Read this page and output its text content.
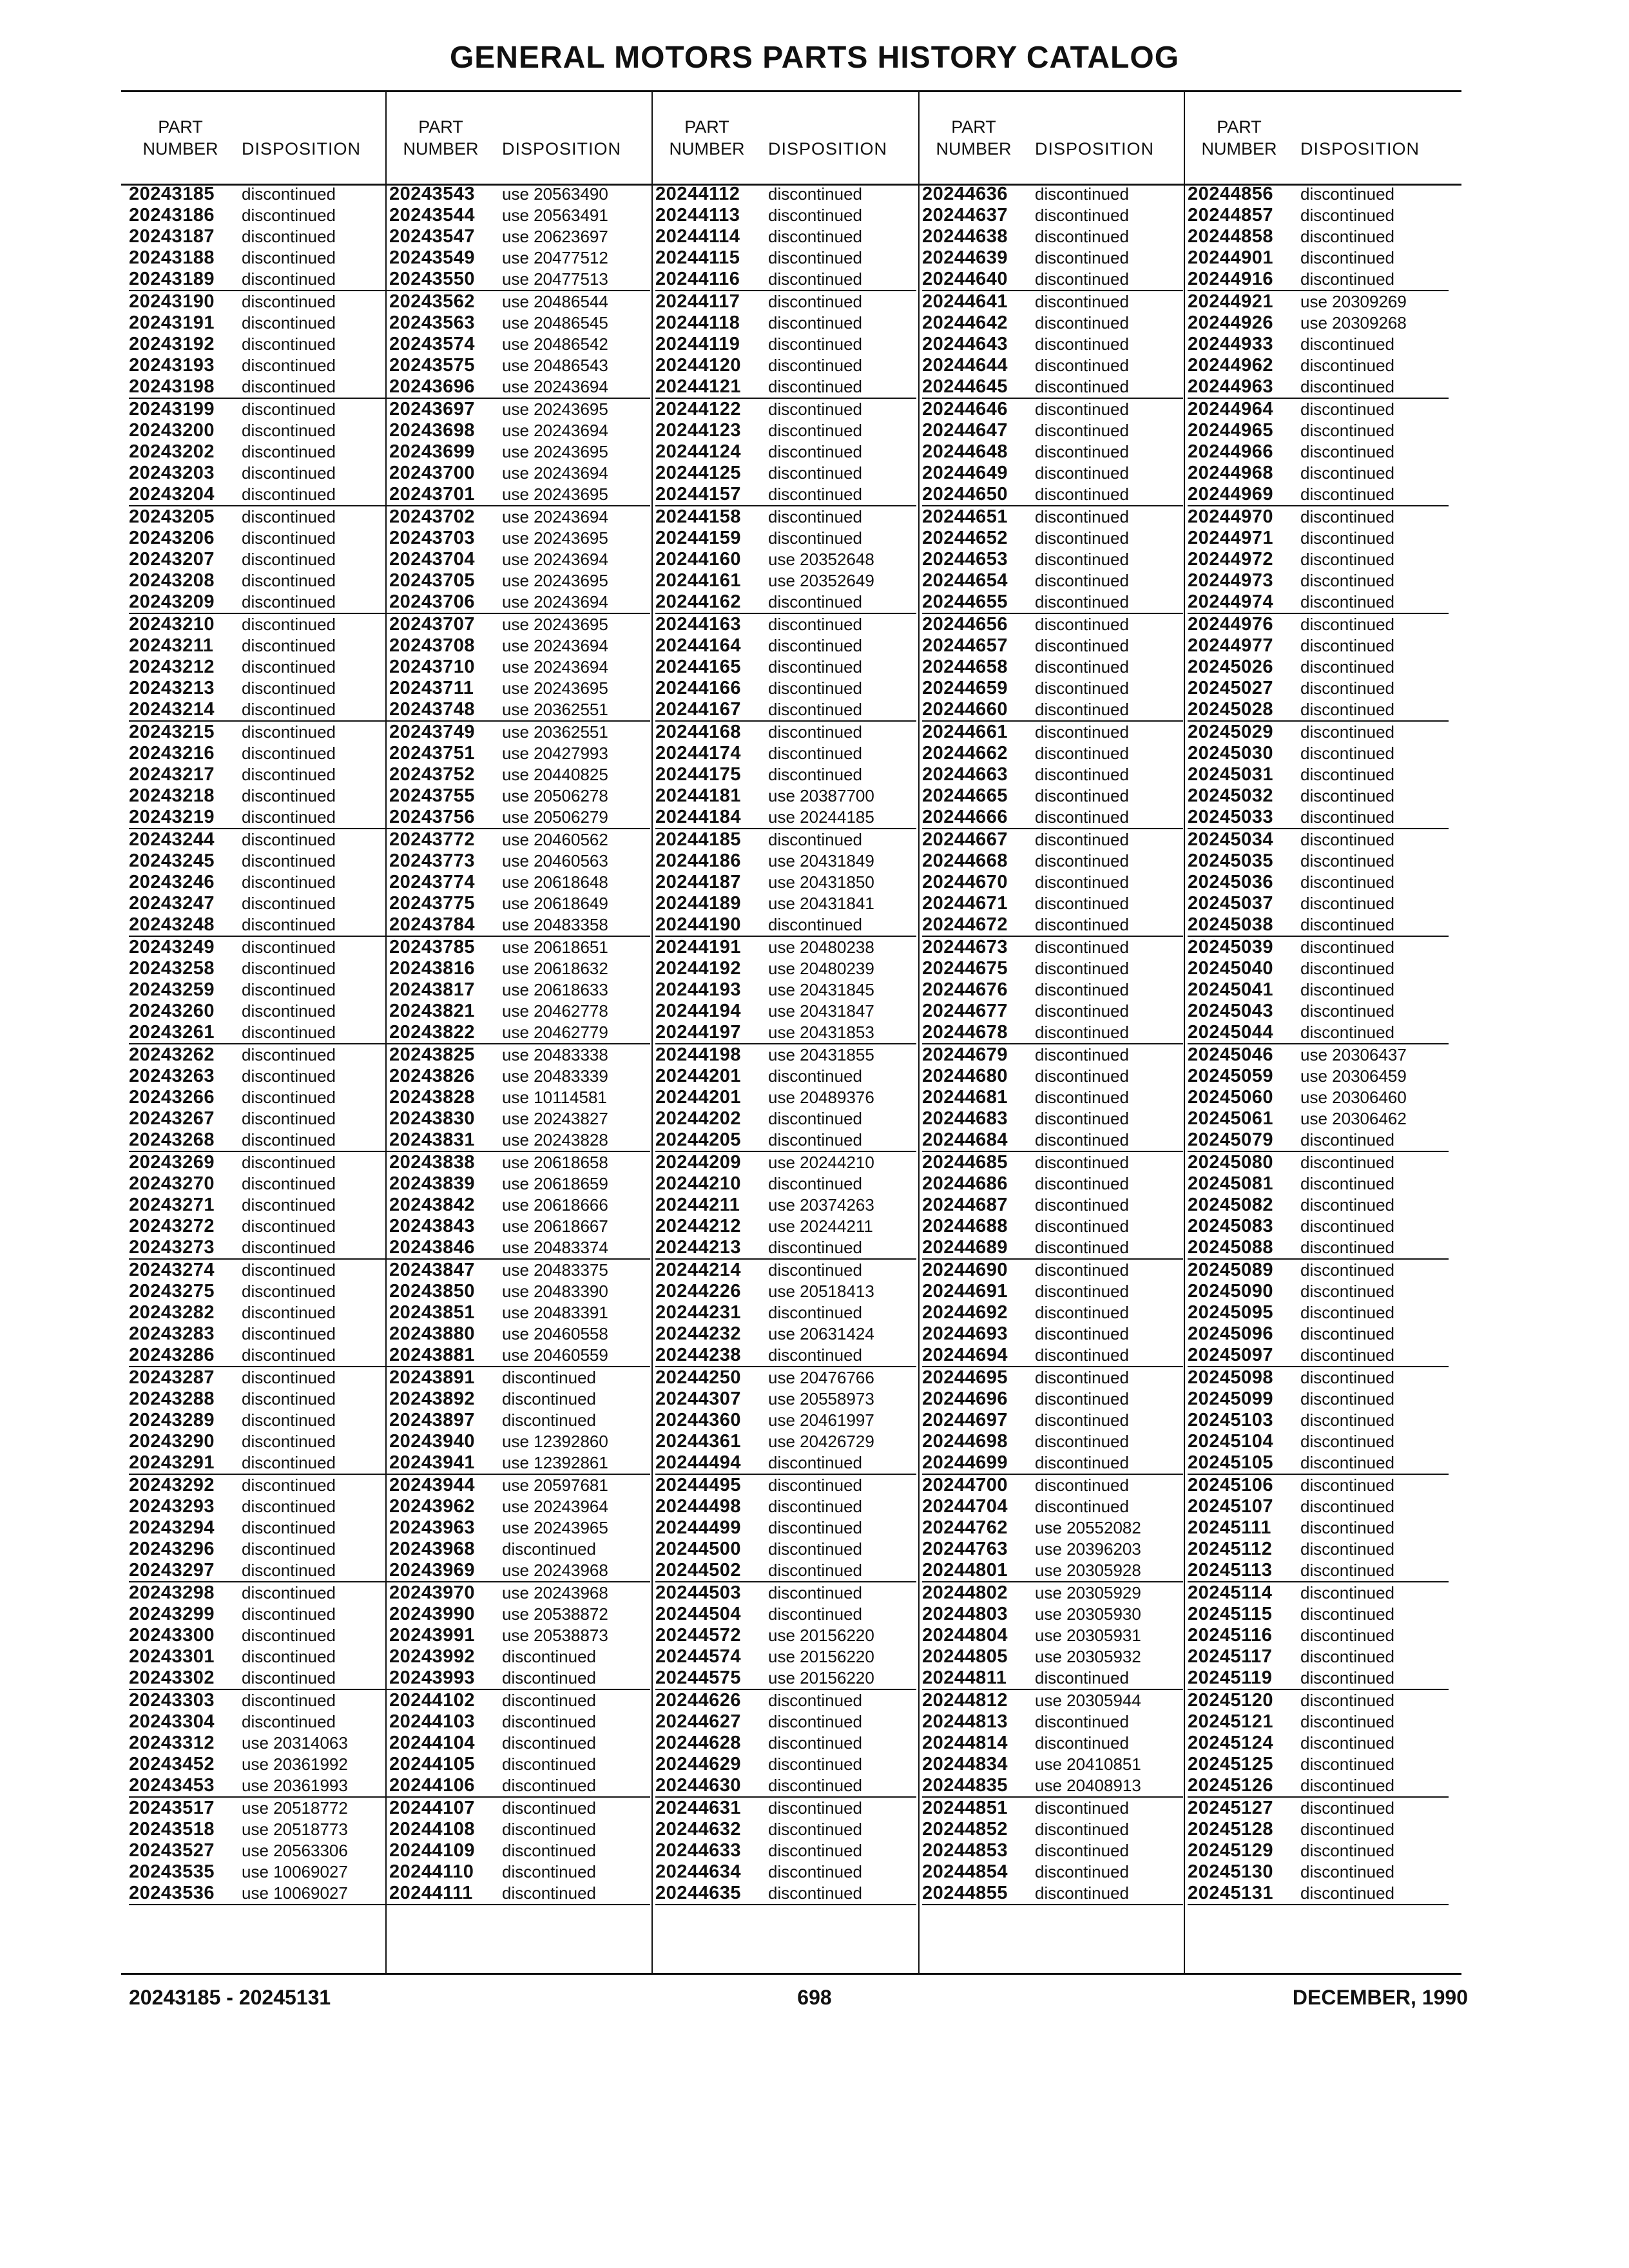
GENERAL MOTORS PARTS HISTORY CATALOG
PART
NUMBER	DISPOSITION
20243185 discontinued
20243186 discontinued
20243187 discontinued
20243188 discontinued
20243189 discontinued
20243190 discontinued
20243191 discontinued
20243192 discontinued
20243193 discontinued
20243198 discontinued
20243199 discontinued
20243200 discontinued
20243202 discontinued
20243203 discontinued
20243204 discontinued
20243205 discontinued
20243206 discontinued
20243207 discontinued
20243208 discontinued
20243209 discontinued
20243210 discontinued
20243211 discontinued
20243212 discontinued
20243213 discontinued
20243214 discontinued
20243215 discontinued
20243216 discontinued
20243217 discontinued
20243218 discontinued
20243219 discontinued
20243244 discontinued
20243245 discontinued
20243246 discontinued
20243247 discontinued
20243248 discontinued
20243249 discontinued
20243258 discontinued
20243259 discontinued
20243260 discontinued
20243261 discontinued
20243262 discontinued
20243263 discontinued
20243266 discontinued
20243267 discontinued
20243268 discontinued
20243269 discontinued
20243270 discontinued
20243271 discontinued
20243272 discontinued
20243273 discontinued
20243274 discontinued
20243275 discontinued
20243282 discontinued
20243283 discontinued
20243286 discontinued
20243287 discontinued
20243288 discontinued
20243289 discontinued
20243290 discontinued
20243291 discontinued
20243292 discontinued
20243293 discontinued
20243294 discontinued
20243296 discontinued
20243297 discontinued
20243298 discontinued
20243299 discontinued
20243300 discontinued
20243301 discontinued
20243302 discontinued
20243303 discontinued
20243304 discontinued
20243312 use 20314063
20243452 use 20361992
20243453 use 20361993
20243517 use 20518772
20243518 use 20518773
20243527 use 20563306
20243535 use 10069027
20243536 use 10069027
PART
NUMBER	DISPOSITION
20243543 use 20563490
20243544 use 20563491
20243547 use 20623697
20243549 use 20477512
20243550 use 20477513
20243562 use 20486544
20243563 use 20486545
20243574 use 20486542
20243575 use 20486543
20243696 use 20243694
20243697 use 20243695
20243698 use 20243694
20243699 use 20243695
20243700 use 20243694
20243701 use 20243695
20243702 use 20243694
20243703 use 20243695
20243704 use 20243694
20243705 use 20243695
20243706 use 20243694
20243707 use 20243695
20243708 use 20243694
20243710 use 20243694
20243711 use 20243695
20243748 use 20362551
20243749 use 20362551
20243751 use 20427993
20243752 use 20440825
20243755 use 20506278
20243756 use 20506279
20243772 use 20460562
20243773 use 20460563
20243774 use 20618648
20243775 use 20618649
20243784 use 20483358
20243785 use 20618651
20243816 use 20618632
20243817 use 20618633
20243821 use 20462778
20243822 use 20462779
20243825 use 20483338
20243826 use 20483339
20243828 use 10114581
20243830 use 20243827
20243831 use 20243828
20243838 use 20618658
20243839 use 20618659
20243842 use 20618666
20243843 use 20618667
20243846 use 20483374
20243847 use 20483375
20243850 use 20483390
20243851 use 20483391
20243880 use 20460558
20243881 use 20460559
20243891 discontinued
20243892 discontinued
20243897 discontinued
20243940 use 12392860
20243941 use 12392861
20243944 use 20597681
20243962 use 20243964
20243963 use 20243965
20243968 discontinued
20243969 use 20243968
20243970 use 20243968
20243990 use 20538872
20243991 use 20538873
20243992 discontinued
20243993 discontinued
20244102 discontinued
20244103 discontinued
20244104 discontinued
20244105 discontinued
20244106 discontinued
20244107 discontinued
20244108 discontinued
20244109 discontinued
20244110 discontinued
20244111 discontinued
PART
NUMBER	DISPOSITION
20244112 discontinued
20244113 discontinued
20244114 discontinued
20244115 discontinued
20244116 discontinued
20244117 discontinued
20244118 discontinued
20244119 discontinued
20244120 discontinued
20244121 discontinued
20244122 discontinued
20244123 discontinued
20244124 discontinued
20244125 discontinued
20244157 discontinued
20244158 discontinued
20244159 discontinued
20244160 use 20352648
20244161 use 20352649
20244162 discontinued
20244163 discontinued
20244164 discontinued
20244165 discontinued
20244166 discontinued
20244167 discontinued
20244168 discontinued
20244174 discontinued
20244175 discontinued
20244181 use 20387700
20244184 use 20244185
20244185 discontinued
20244186 use 20431849
20244187 use 20431850
20244189 use 20431841
20244190 discontinued
20244191 use 20480238
20244192 use 20480239
20244193 use 20431845
20244194 use 20431847
20244197 use 20431853
20244198 use 20431855
20244201 discontinued
20244201 use 20489376
20244202 discontinued
20244205 discontinued
20244209 use 20244210
20244210 discontinued
20244211 use 20374263
20244212 use 20244211
20244213 discontinued
20244214 discontinued
20244226 use 20518413
20244231 discontinued
20244232 use 20631424
20244238 discontinued
20244250 use 20476766
20244307 use 20558973
20244360 use 20461997
20244361 use 20426729
20244494 discontinued
20244495 discontinued
20244498 discontinued
20244499 discontinued
20244500 discontinued
20244502 discontinued
20244503 discontinued
20244504 discontinued
20244572 use 20156220
20244574 use 20156220
20244575 use 20156220
20244626 discontinued
20244627 discontinued
20244628 discontinued
20244629 discontinued
20244630 discontinued
20244631 discontinued
20244632 discontinued
20244633 discontinued
20244634 discontinued
20244635 discontinued
PART
NUMBER	DISPOSITION
20244636 discontinued
20244637 discontinued
20244638 discontinued
20244639 discontinued
20244640 discontinued
20244641 discontinued
20244642 discontinued
20244643 discontinued
20244644 discontinued
20244645 discontinued
20244646 discontinued
20244647 discontinued
20244648 discontinued
20244649 discontinued
20244650 discontinued
20244651 discontinued
20244652 discontinued
20244653 discontinued
20244654 discontinued
20244655 discontinued
20244656 discontinued
20244657 discontinued
20244658 discontinued
20244659 discontinued
20244660 discontinued
20244661 discontinued
20244662 discontinued
20244663 discontinued
20244665 discontinued
20244666 discontinued
20244667 discontinued
20244668 discontinued
20244670 discontinued
20244671 discontinued
20244672 discontinued
20244673 discontinued
20244675 discontinued
20244676 discontinued
20244677 discontinued
20244678 discontinued
20244679 discontinued
20244680 discontinued
20244681 discontinued
20244683 discontinued
20244684 discontinued
20244685 discontinued
20244686 discontinued
20244687 discontinued
20244688 discontinued
20244689 discontinued
20244690 discontinued
20244691 discontinued
20244692 discontinued
20244693 discontinued
20244694 discontinued
20244695 discontinued
20244696 discontinued
20244697 discontinued
20244698 discontinued
20244699 discontinued
20244700 discontinued
20244704 discontinued
20244762 use 20552082
20244763 use 20396203
20244801 use 20305928
20244802 use 20305929
20244803 use 20305930
20244804 use 20305931
20244805 use 20305932
20244811 discontinued
20244812 use 20305944
20244813 discontinued
20244814 discontinued
20244834 use 20410851
20244835 use 20408913
20244851 discontinued
20244852 discontinued
20244853 discontinued
20244854 discontinued
20244855 discontinued
PART
NUMBER	DISPOSITION
20244856 discontinued
20244857 discontinued
20244858 discontinued
20244901 discontinued
20244916 discontinued
20244921 use 20309269
20244926 use 20309268
20244933 discontinued
20244962 discontinued
20244963 discontinued
20244964 discontinued
20244965 discontinued
20244966 discontinued
20244968 discontinued
20244969 discontinued
20244970 discontinued
20244971 discontinued
20244972 discontinued
20244973 discontinued
20244974 discontinued
20244976 discontinued
20244977 discontinued
20245026 discontinued
20245027 discontinued
20245028 discontinued
20245029 discontinued
20245030 discontinued
20245031 discontinued
20245032 discontinued
20245033 discontinued
20245034 discontinued
20245035 discontinued
20245036 discontinued
20245037 discontinued
20245038 discontinued
20245039 discontinued
20245040 discontinued
20245041 discontinued
20245043 discontinued
20245044 discontinued
20245046 use 20306437
20245059 use 20306459
20245060 use 20306460
20245061 use 20306462
20245079 discontinued
20245080 discontinued
20245081 discontinued
20245082 discontinued
20245083 discontinued
20245088 discontinued
20245089 discontinued
20245090 discontinued
20245095 discontinued
20245096 discontinued
20245097 discontinued
20245098 discontinued
20245099 discontinued
20245103 discontinued
20245104 discontinued
20245105 discontinued
20245106 discontinued
20245107 discontinued
20245111 discontinued
20245112 discontinued
20245113 discontinued
20245114 discontinued
20245115 discontinued
20245116 discontinued
20245117 discontinued
20245119 discontinued
20245120 discontinued
20245121 discontinued
20245124 discontinued
20245125 discontinued
20245126 discontinued
20245127 discontinued
20245128 discontinued
20245129 discontinued
20245130 discontinued
20245131 discontinued
20243185 - 20245131	698	DECEMBER, 1990
